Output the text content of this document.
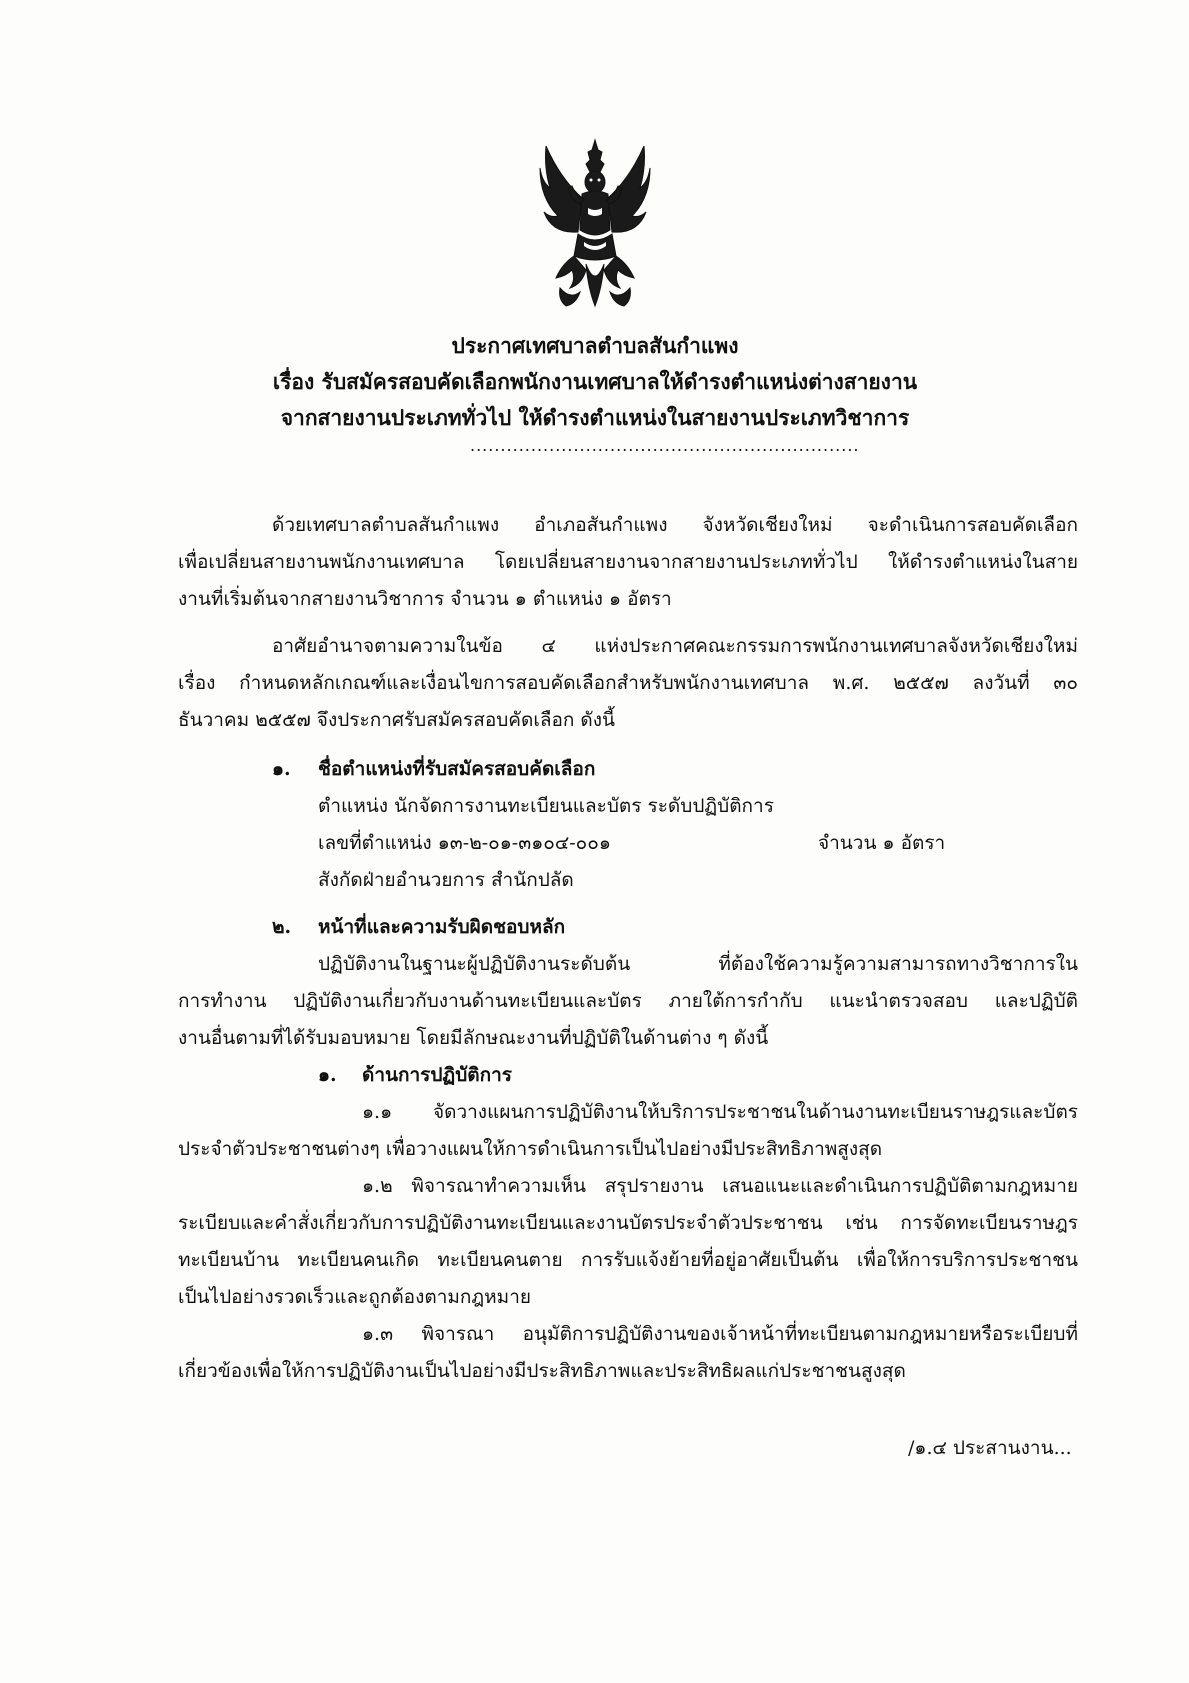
ประกาศเทศบาลตำบลสันกำแพง
เรื่อง รับสมัครสอบคัดเลือกพนักงานเทศบาลให้ดำรงตำแหน่งต่างสายงาน
จากสายงานประเภททั่วไป ให้ดำรงตำแหน่งในสายงานประเภทวิชาการ
................................................................
ด้วยเทศบาลตำบลสันกำแพง อำเภอสันกำแพง จังหวัดเชียงใหม่ จะดำเนินการสอบคัดเลือก
เพื่อเปลี่ยนสายงานพนักงานเทศบาล โดยเปลี่ยนสายงานจากสายงานประเภททั่วไป ให้ดำรงตำแหน่งในสาย
งานที่เริ่มต้นจากสายงานวิชาการ จำนวน ๑ ตำแหน่ง ๑ อัตรา
อาศัยอำนาจตามความในข้อ ๔ แห่งประกาศคณะกรรมการพนักงานเทศบาลจังหวัดเชียงใหม่
เรื่อง กำหนดหลักเกณฑ์และเงื่อนไขการสอบคัดเลือกสำหรับพนักงานเทศบาล พ.ศ. ๒๕๕๗ ลงวันที่ ๓๐
ธันวาคม ๒๕๕๗ จึงประกาศรับสมัครสอบคัดเลือก ดังนี้
๑. ชื่อตำแหน่งที่รับสมัครสอบคัดเลือก
ตำแหน่ง นักจัดการงานทะเบียนและบัตร ระดับปฏิบัติการ
เลขที่ตำแหน่ง ๑๓-๒-๐๑-๓๑๐๔-๐๐๑	จำนวน ๑ อัตรา
สังกัดฝ่ายอำนวยการ สำนักปลัด
๒. หน้าที่และความรับผิดชอบหลัก
ปฏิบัติงานในฐานะผู้ปฏิบัติงานระดับต้น ที่ต้องใช้ความรู้ความสามารถทางวิชาการใน
การทำงาน ปฏิบัติงานเกี่ยวกับงานด้านทะเบียนและบัตร ภายใต้การกำกับ แนะนำตรวจสอบ และปฏิบัติ
งานอื่นตามที่ได้รับมอบหมาย โดยมีลักษณะงานที่ปฏิบัติในด้านต่าง ๆ ดังนี้
๑. ด้านการปฏิบัติการ
๑.๑ จัดวางแผนการปฏิบัติงานให้บริการประชาชนในด้านงานทะเบียนราษฎรและบัตร
ประจำตัวประชาชนต่างๆ เพื่อวางแผนให้การดำเนินการเป็นไปอย่างมีประสิทธิภาพสูงสุด
๑.๒ พิจารณาทำความเห็น สรุปรายงาน เสนอแนะและดำเนินการปฏิบัติตามกฎหมาย
ระเบียบและคำสั่งเกี่ยวกับการปฏิบัติงานทะเบียนและงานบัตรประจำตัวประชาชน เช่น การจัดทะเบียนราษฎร
ทะเบียนบ้าน ทะเบียนคนเกิด ทะเบียนคนตาย การรับแจ้งย้ายที่อยู่อาศัยเป็นต้น เพื่อให้การบริการประชาชน
เป็นไปอย่างรวดเร็วและถูกต้องตามกฎหมาย
๑.๓ พิจารณา อนุมัติการปฏิบัติงานของเจ้าหน้าที่ทะเบียนตามกฎหมายหรือระเบียบที่
เกี่ยวข้องเพื่อให้การปฏิบัติงานเป็นไปอย่างมีประสิทธิภาพและประสิทธิผลแก่ประชาชนสูงสุด
/๑.๔ ประสานงาน...
